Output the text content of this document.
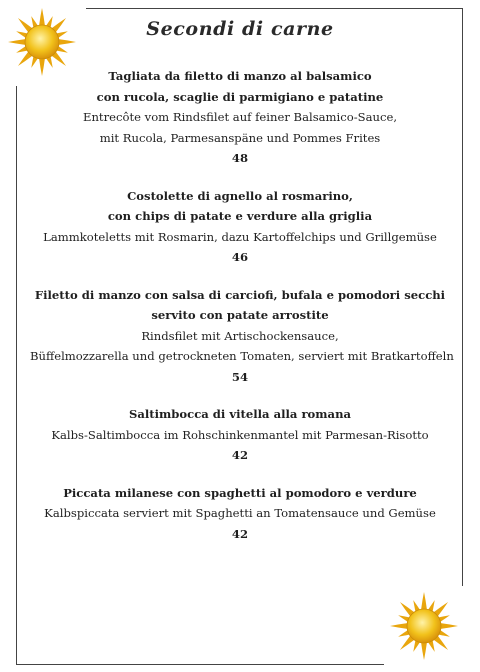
Secondi di carne
Tagliata da filetto di manzo al balsamico
con rucola, scaglie di parmigiano e patatine
Entrecôte vom Rindsfilet auf feiner Balsamico-Sauce,
mit Rucola, Parmesanspäne und Pommes Frites
48
Costolette di agnello al rosmarino,
con chips di patate e verdure alla griglia
Lammkoteletts mit Rosmarin, dazu Kartoffelchips und Grillgemüse
46
Filetto di manzo con salsa di carciofi, bufala e pomodori secchi
servito con patate arrostite
Rindsfilet mit Artischockensauce,
Büffelmozzarella und getrockneten Tomaten, serviert mit Bratkartoffeln
54
Saltimbocca di vitella alla romana
Kalbs-Saltimbocca im Rohschinkenmantel mit Parmesan-Risotto
42
Piccata milanese con spaghetti al pomodoro e verdure
Kalbspiccata serviert mit Spaghetti an Tomatensauce und Gemüse
42
